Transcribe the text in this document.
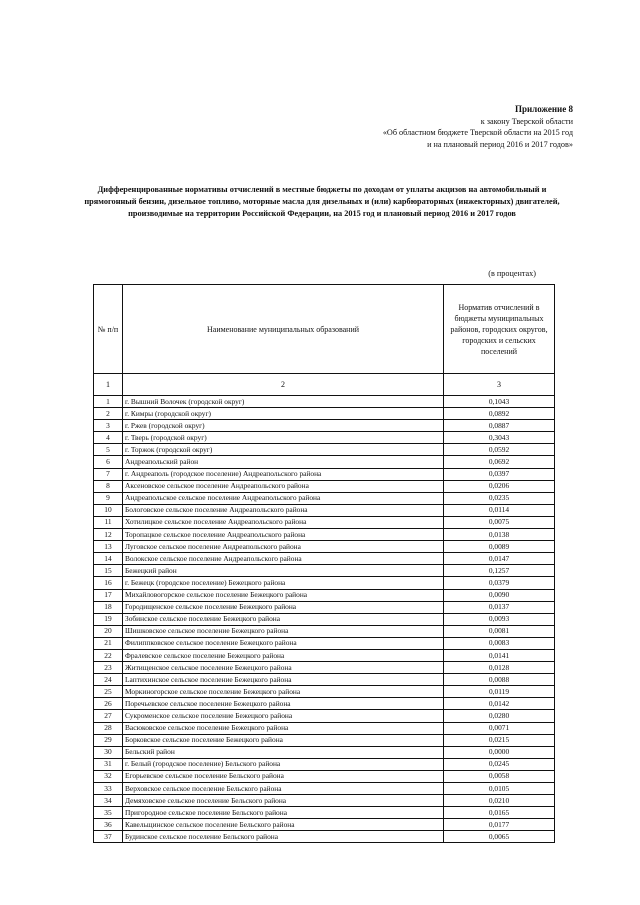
Приложение 8
к закону Тверской области
«Об областном бюджете Тверской области на 2015 год
и на плановый период 2016 и 2017 годов»
Дифференцированные нормативы отчислений в местные бюджеты по доходам от уплаты акцизов на автомобильный и прямогонный бензин, дизельное топливо, моторные масла для дизельных и (или) карбюраторных (инжекторных) двигателей, производимые на территории Российской Федерации, на 2015 год и плановый период 2016 и 2017 годов
(в процентах)
№ п/п	Наименование муниципальных образований	Норматив отчислений в бюджеты муниципальных районов, городских округов, городских и сельских поселений
1	2	3
1	г. Вышний Волочек (городской округ)	0,1043
2	г. Кимры (городской округ)	0,0892
3	г. Ржев (городской округ)	0,0887
4	г. Тверь (городской округ)	0,3043
5	г. Торжок (городской округ)	0,0592
6	Андреапольский район	0,0692
7	г. Андреаполь (городское поселение) Андреапольского района	0,0397
8	Аксеновское сельское поселение Андреапольского района	0,0206
9	Андреапольское сельское поселение Андреапольского района	0,0235
10	Бологовское сельское поселение Андреапольского района	0,0114
11	Хотилицкое сельское поселение Андреапольского района	0,0075
12	Торопацкое сельское поселение Андреапольского района	0,0138
13	Луговское сельское поселение Андреапольского района	0,0089
14	Волокское сельское поселение Андреапольского района	0,0147
15	Бежецкий район	0,1257
16	г. Бежецк (городское поселение) Бежецкого района	0,0379
17	Михайловогорское сельское поселение Бежецкого района	0,0090
18	Городищенское сельское поселение Бежецкого района	0,0137
19	Зобинское сельское поселение Бежецкого района	0,0093
20	Шишковское сельское поселение Бежецкого района	0,0081
21	Филиппковское сельское поселение Бежецкого района	0,0083
22	Фралевское сельское поселение Бежецкого района	0,0141
23	Житищенское сельское поселение Бежецкого района	0,0128
24	Laптихинское сельское поселение Бежецкого района	0,0088
25	Моркиногорское сельское поселение Бежецкого района	0,0119
26	Поречьевское сельское поселение Бежецкого района	0,0142
27	Сукроменское сельское поселение Бежецкого района	0,0280
28	Васюковское сельское поселение Бежецкого района	0,0071
29	Борковское сельское поселение Бежецкого района	0,0215
30	Бельский район	0,0000
31	г. Белый (городское поселение) Бельского района	0,0245
32	Егорьевское сельское поселение Бельского района	0,0058
33	Верховское сельское поселение Бельского района	0,0105
34	Демяховское сельское поселение Бельского района	0,0210
35	Пригородное сельское поселение Бельского района	0,0165
36	Кавельщинское сельское поселение Бельского района	0,0177
37	Будинское сельское поселение Бельского района	0,0065
